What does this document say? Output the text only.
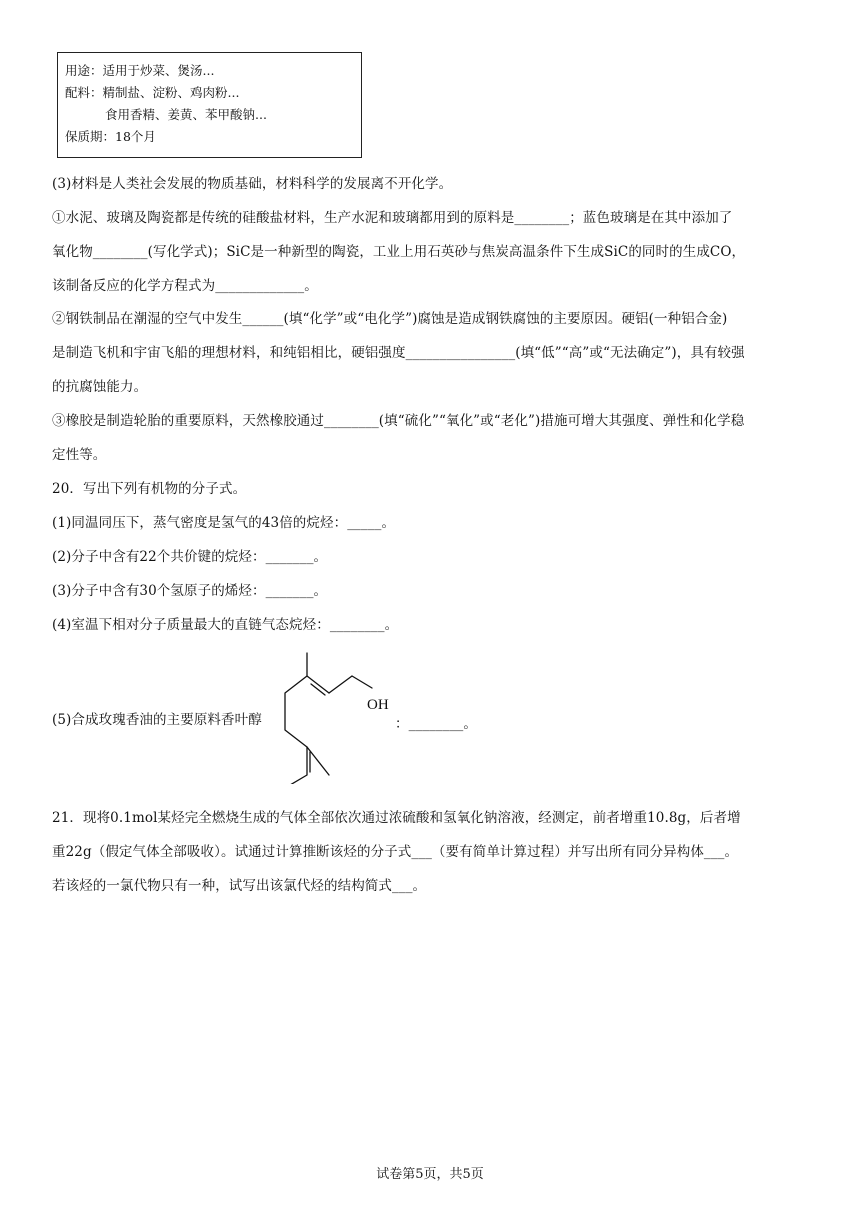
用途：适用于炒菜、煲汤...
配料：精制盐、淀粉、鸡肉粉...
食用香精、姜黄、苯甲酸钠...
保质期：18个月
(3)材料是人类社会发展的物质基础，材料科学的发展离不开化学。
①水泥、玻璃及陶瓷都是传统的硅酸盐材料，生产水泥和玻璃都用到的原料是________；蓝色玻璃是在其中添加了
氧化物________(写化学式)；SiC是一种新型的陶瓷，工业上用石英砂与焦炭高温条件下生成SiC的同时的生成CO，
该制备反应的化学方程式为_____________。
②钢铁制品在潮湿的空气中发生______(填“化学”或“电化学”)腐蚀是造成钢铁腐蚀的主要原因。硬铝(一种铝合金)
是制造飞机和宇宙飞船的理想材料，和纯铝相比，硬铝强度________________(填“低”“高”或“无法确定”)，具有较强
的抗腐蚀能力。
③橡胶是制造轮胎的重要原料，天然橡胶通过________(填“硫化”“氧化”或“老化”)措施可增大其强度、弹性和化学稳
定性等。
20．写出下列有机物的分子式。
(1)同温同压下，蒸气密度是氢气的43倍的烷烃：_____。
(2)分子中含有22个共价键的烷烃：_______。
(3)分子中含有30个氢原子的烯烃：_______。
(4)室温下相对分子质量最大的直链气态烷烃：________。
(5)合成玫瑰香油的主要原料香叶醇
OH
：________。
21．现将0.1mol某烃完全燃烧生成的气体全部依次通过浓硫酸和氢氧化钠溶液，经测定，前者增重10.8g，后者增
重22g（假定气体全部吸收）。试通过计算推断该烃的分子式___（要有简单计算过程）并写出所有同分异构体___。
若该烃的一氯代物只有一种，试写出该氯代烃的结构简式___。
试卷第5页，共5页
